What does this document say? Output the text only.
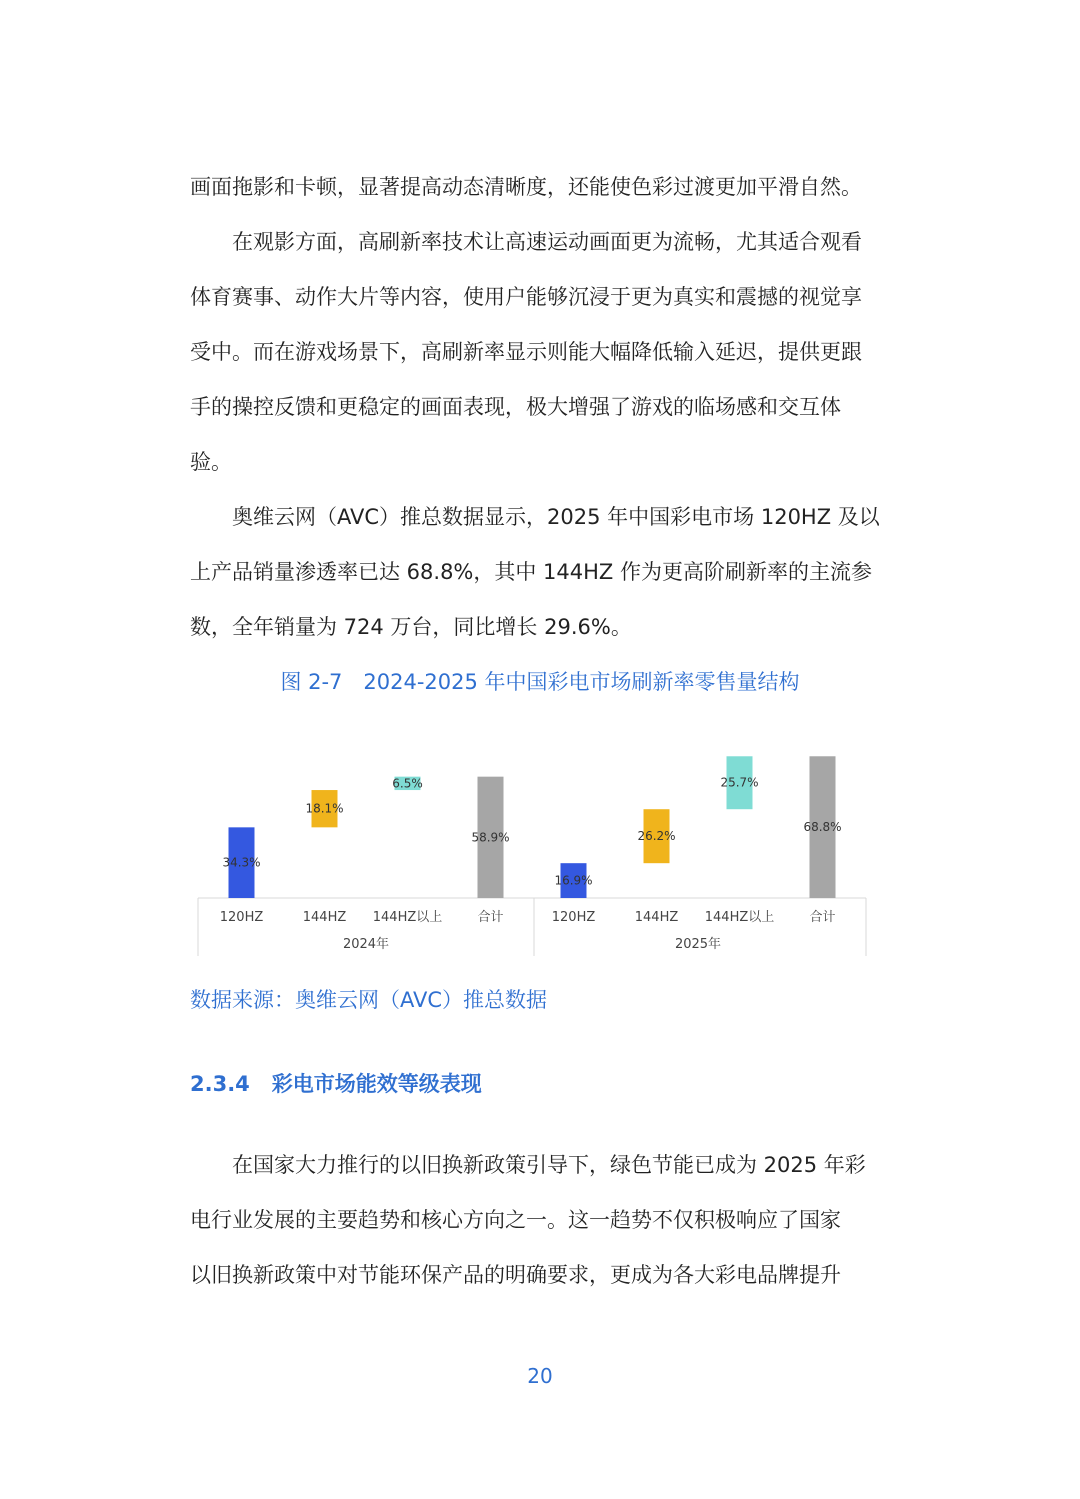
画面拖影和卡顿，显著提高动态清晰度，还能使色彩过渡更加平滑自然。

在观影方面，高刷新率技术让高速运动画面更为流畅，尤其适合观看
体育赛事、动作大片等内容，使用户能够沉浸于更为真实和震撼的视觉享
受中。而在游戏场景下，高刷新率显示则能大幅降低输入延迟，提供更跟
手的操控反馈和更稳定的画面表现，极大增强了游戏的临场感和交互体
验。

奥维云网（AVC）推总数据显示，2025 年中国彩电市场 120HZ 及以
上产品销量渗透率已达 68.8%，其中 144HZ 作为更高阶刷新率的主流参
数，全年销量为 724 万台，同比增长 29.6%。

图 2-7　2024-2025 年中国彩电市场刷新率零售量结构
34.3%
120HZ
18.1%
144HZ
6.5%
144HZ以上
58.9%
合计
2024年
16.9%
120HZ
26.2%
144HZ
25.7%
144HZ以上
68.8%
合计
2025年
数据来源：奥维云网（AVC）推总数据
2.3.4 彩电市场能效等级表现

在国家大力推行的以旧换新政策引导下，绿色节能已成为 2025 年彩
电行业发展的主要趋势和核心方向之一。这一趋势不仅积极响应了国家
以旧换新政策中对节能环保产品的明确要求，更成为各大彩电品牌提升

20
